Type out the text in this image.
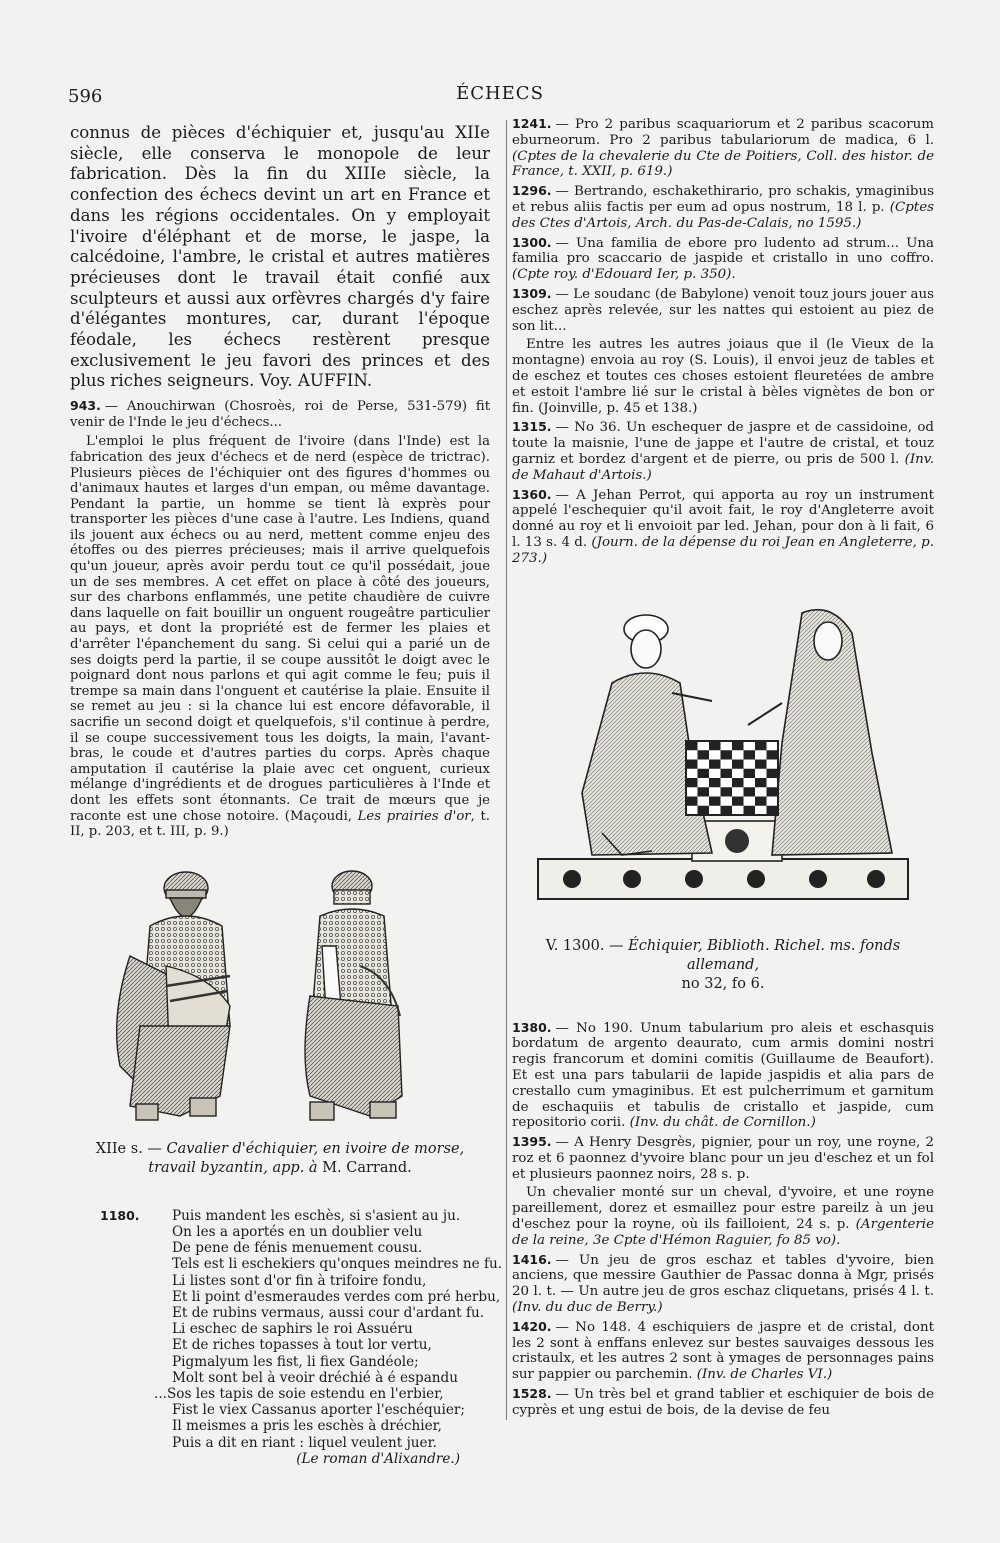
596	ÉCHECS

connus de pièces d'échiquier et, jusqu'au XIIe siècle, elle conserva le monopole de leur fabrication. Dès la fin du XIIIe siècle, la confection des échecs devint un art en France et dans les régions occidentales. On y employait l'ivoire d'éléphant et de morse, le jaspe, la calcédoine, l'ambre, le cristal et autres matières précieuses dont le travail était confié aux sculpteurs et aussi aux orfèvres chargés d'y faire d'élégantes montures, car, durant l'époque féodale, les échecs restèrent presque exclusivement le jeu favori des princes et des plus riches seigneurs. Voy. AUFFIN.

943. — Anouchirwan (Chosroès, roi de Perse, 531-579) fit venir de l'Inde le jeu d'échecs...

L'emploi le plus fréquent de l'ivoire (dans l'Inde) est la fabrication des jeux d'échecs et de nerd (espèce de trictrac). Plusieurs pièces de l'échiquier ont des figures d'hommes ou d'animaux hautes et larges d'un empan, ou même davantage. Pendant la partie, un homme se tient là exprès pour transporter les pièces d'une case à l'autre. Les Indiens, quand ils jouent aux échecs ou au nerd, mettent comme enjeu des étoffes ou des pierres précieuses; mais il arrive quelquefois qu'un joueur, après avoir perdu tout ce qu'il possédait, joue un de ses membres. A cet effet on place à côté des joueurs, sur des charbons enflammés, une petite chaudière de cuivre dans laquelle on fait bouillir un onguent rougeâtre particulier au pays, et dont la propriété est de fermer les plaies et d'arrêter l'épanchement du sang. Si celui qui a parié un de ses doigts perd la partie, il se coupe aussitôt le doigt avec le poignard dont nous parlons et qui agit comme le feu; puis il trempe sa main dans l'onguent et cautérise la plaie. Ensuite il se remet au jeu : si la chance lui est encore défavorable, il sacrifie un second doigt et quelquefois, s'il continue à perdre, il se coupe successivement tous les doigts, la main, l'avant-bras, le coude et d'autres parties du corps. Après chaque amputation il cautérise la plaie avec cet onguent, curieux mélange d'ingrédients et de drogues particulières à l'Inde et dont les effets sont étonnants. Ce trait de mœurs que je raconte est une chose notoire. (Maçoudi, Les prairies d'or, t. II, p. 203, et t. III, p. 9.)

XIIe s. — Cavalier d'échiquier, en ivoire de morse,
travail byzantin, app. à M. Carrand.
1180. Puis mandent les eschès, si s'asient au ju.
On les a aportés en un doublier velu
De pene de fénis menuement cousu.
Tels est li eschekiers qu'onques meindres ne fu.
Li listes sont d'or fin à trifoire fondu,
Et li point d'esmeraudes verdes com pré herbu,
Et de rubins vermaus, aussi cour d'ardant fu.
Li eschec de saphirs le roi Assuéru
Et de riches topasses à tout lor vertu,
Pigmalyum les fist, li fiex Gandéole;
Molt sont bel à veoir dréchié à é espandu
...Sos les tapis de soie estendu en l'erbier,
Fist le viex Cassanus aporter l'eschéquier;
Il meismes a pris les eschès à dréchier,
Puis a dit en riant : liquel veulent juer.
(Le roman d'Alixandre.)

1241. — Pro 2 paribus scaquariorum et 2 paribus scacorum eburneorum. Pro 2 paribus tabulariorum de madica, 6 l. (Cptes de la chevalerie du Cte de Poitiers, Coll. des histor. de France, t. XXII, p. 619.)

1296. — Bertrando, eschakethirario, pro schakis, ymaginibus et rebus aliis factis per eum ad opus nostrum, 18 l. p. (Cptes des Ctes d'Artois, Arch. du Pas-de-Calais, no 1595.)

1300. — Una familia de ebore pro ludento ad strum... Una familia pro scaccario de jaspide et cristallo in uno coffro. (Cpte roy. d'Edouard Ier, p. 350).

1309. — Le soudanc (de Babylone) venoit touz jours jouer aus eschez après relevée, sur les nattes qui estoient au piez de son lit...

Entre les autres les autres joiaus que il (le Vieux de la montagne) envoia au roy (S. Louis), il envoi jeuz de tables et de eschez et toutes ces choses estoient fleuretées de ambre et estoit l'ambre lié sur le cristal à bèles vignètes de bon or fin. (Joinville, p. 45 et 138.)

1315. — No 36. Un eschequer de jaspre et de cassidoine, od toute la maisnie, l'une de jappe et l'autre de cristal, et touz garniz et bordez d'argent et de pierre, ou pris de 500 l. (Inv. de Mahaut d'Artois.)

1360. — A Jehan Perrot, qui apporta au roy un instrument appelé l'eschequier qu'il avoit fait, le roy d'Angleterre avoit donné au roy et li envoioit par led. Jehan, pour don à li fait, 6 l. 13 s. 4 d. (Journ. de la dépense du roi Jean en Angleterre, p. 273.)

V. 1300. — Échiquier, Biblioth. Richel. ms. fonds allemand,
no 32, fo 6.

1380. — No 190. Unum tabularium pro aleis et eschasquis bordatum de argento deaurato, cum armis domini nostri regis francorum et domini comitis (Guillaume de Beaufort). Et est una pars tabularii de lapide jaspidis et alia pars de crestallo cum ymaginibus. Et est pulcherrimum et garnitum de eschaquiis et tabulis de cristallo et jaspide, cum repositorio corii. (Inv. du chât. de Cornillon.)

1395. — A Henry Desgrès, pignier, pour un roy, une royne, 2 roz et 6 paonnez d'yvoire blanc pour un jeu d'eschez et un fol et plusieurs paonnez noirs, 28 s. p.

Un chevalier monté sur un cheval, d'yvoire, et une royne pareillement, dorez et esmaillez pour estre pareilz à un jeu d'eschez pour la royne, où ils failloient, 24 s. p. (Argenterie de la reine, 3e Cpte d'Hémon Raguier, fo 85 vo).

1416. — Un jeu de gros eschaz et tables d'yvoire, bien anciens, que messire Gauthier de Passac donna à Mgr, prisés 20 l. t. — Un autre jeu de gros eschaz cliquetans, prisés 4 l. t. (Inv. du duc de Berry.)

1420. — No 148. 4 eschiquiers de jaspre et de cristal, dont les 2 sont à enffans enlevez sur bestes sauvaiges dessous les cristaulx, et les autres 2 sont à ymages de personnages pains sur pappier ou parchemin. (Inv. de Charles VI.)

1528. — Un très bel et grand tablier et eschiquier de bois de cyprès et ung estui de bois, de la devise de feu
